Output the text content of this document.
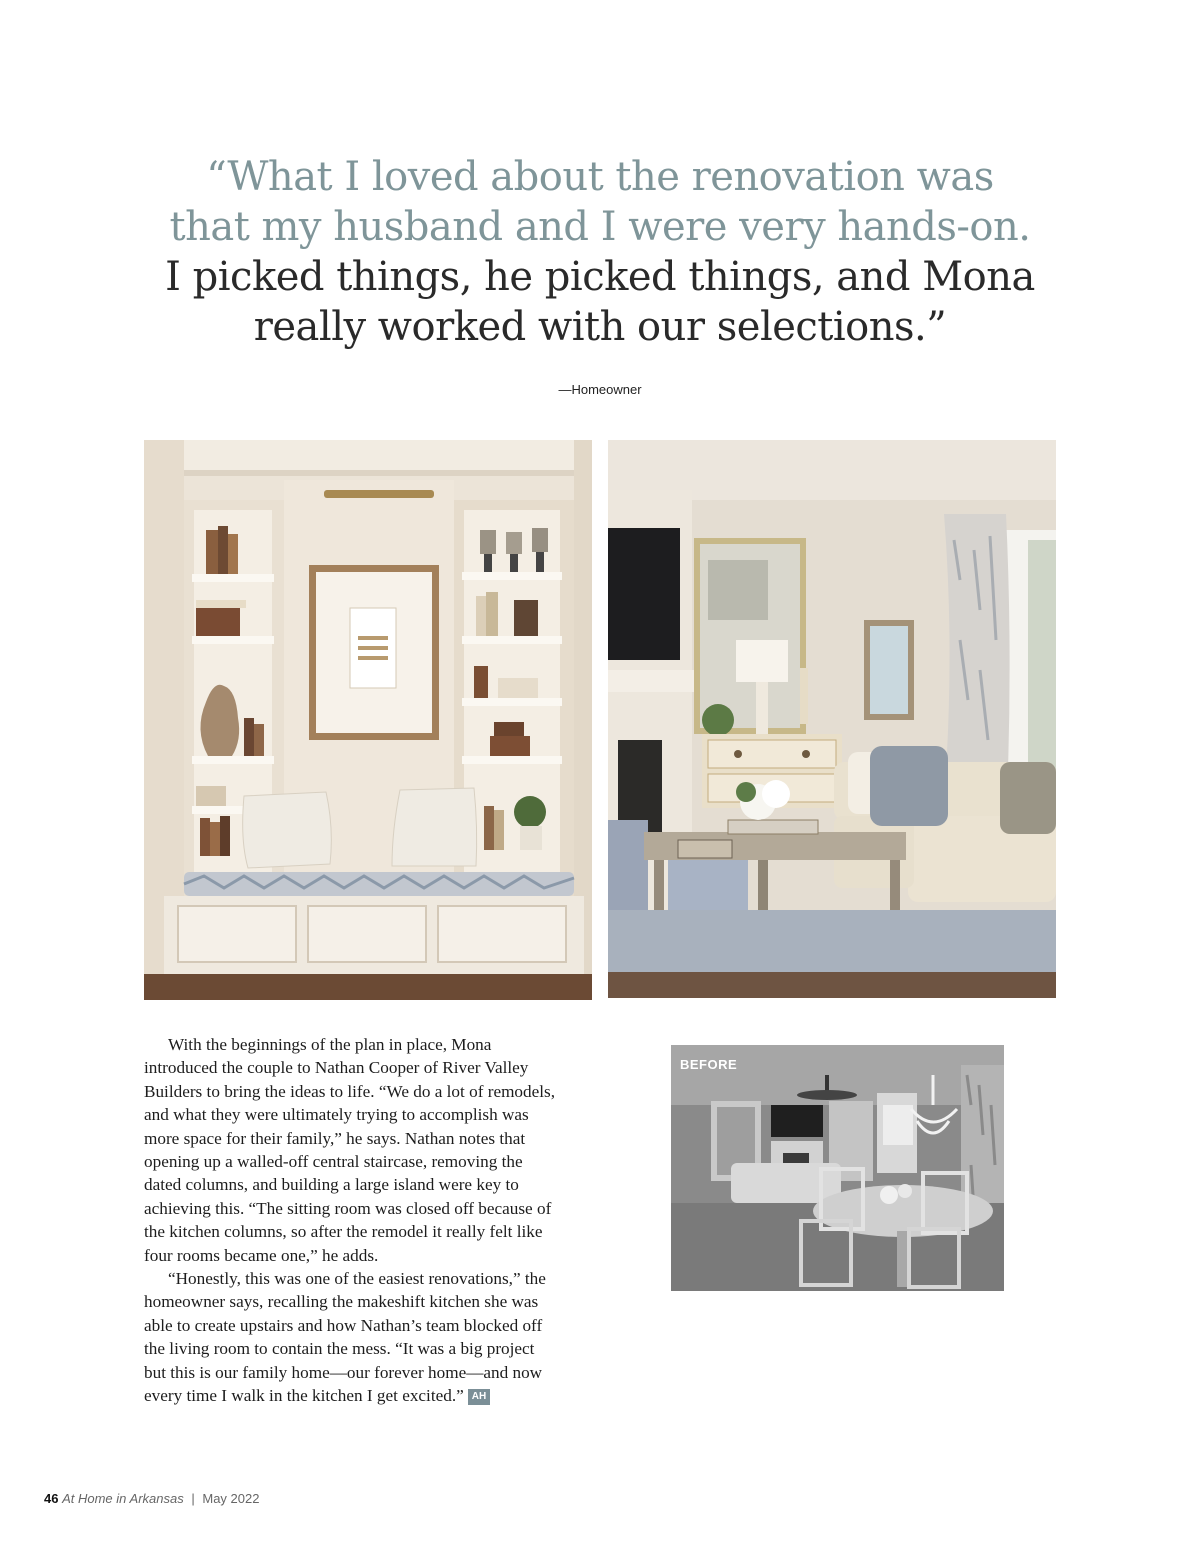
“What I loved about the renovation was
that my husband and I were very hands-on.
I picked things, he picked things, and Mona
really worked with our selections.”
—Homeowner
With the beginnings of the plan in place, Mona
introduced the couple to Nathan Cooper of River Valley
Builders to bring the ideas to life. “We do a lot of remodels,
and what they were ultimately trying to accomplish was
more space for their family,” he says. Nathan notes that
opening up a walled-off central staircase, removing the
dated columns, and building a large island were key to
achieving this. “The sitting room was closed off because of
the kitchen columns, so after the remodel it really felt like
four rooms became one,” he adds.
“Honestly, this was one of the easiest renovations,” the
homeowner says, recalling the makeshift kitchen she was
able to create upstairs and how Nathan’s team blocked off
the living room to contain the mess. “It was a big project
but this is our family home—our forever home—and now
every time I walk in the kitchen I get excited.” AH
BEFORE
46 At Home in Arkansas | May 2022
